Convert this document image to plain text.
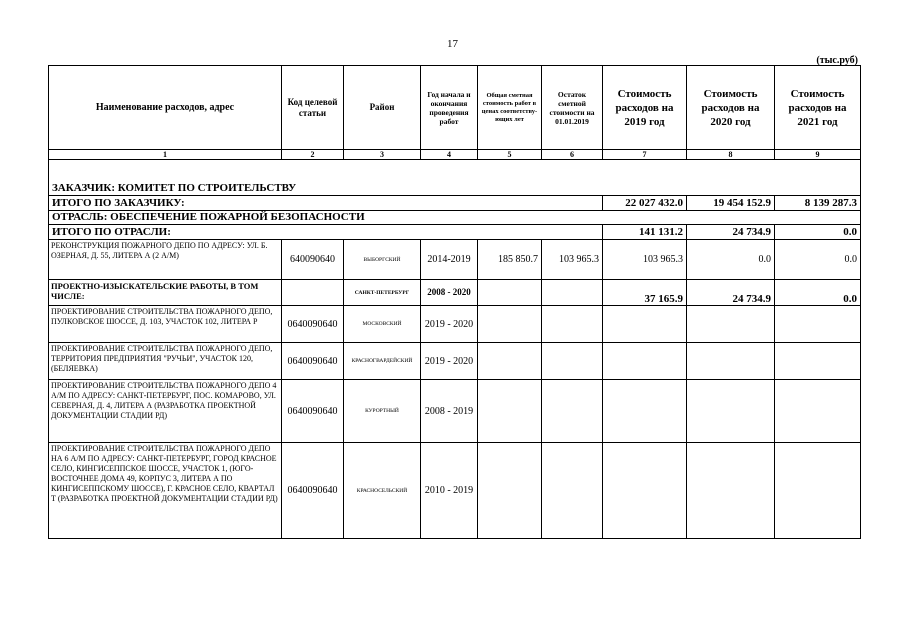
17
(тыс.руб)
Наименование расходов, адрес	Код целевой статьи	Район	Год начала и окончания проведения работ	Общая сметная стоимость работ в ценах соответству-ющих лет	Остаток сметной стоимости на 01.01.2019	Стоимость расходов на 2019 год	Стоимость расходов на 2020 год	Стоимость расходов на 2021 год
1	2	3	4	5	6	7	8	9
ЗАКАЗЧИК: КОМИТЕТ ПО СТРОИТЕЛЬСТВУ								
ИТОГО ПО ЗАКАЗЧИКУ:						22 027 432.0	19 454 152.9	8 139 287.3
ОТРАСЛЬ: ОБЕСПЕЧЕНИЕ ПОЖАРНОЙ БЕЗОПАСНОСТИ								
ИТОГО ПО ОТРАСЛИ:						141 131.2	24 734.9	0.0
РЕКОНСТРУКЦИЯ ПОЖАРНОГО ДЕПО ПО АДРЕСУ: УЛ. Б. ОЗЕРНАЯ, Д. 55, ЛИТЕРА А (2 А/М)	640090640	ВЫБОРГСКИЙ	2014-2019	185 850.7	103 965.3	103 965.3	0.0	0.0
ПРОЕКТНО-ИЗЫСКАТЕЛЬСКИЕ РАБОТЫ, В ТОМ ЧИСЛЕ:		САНКТ-ПЕТЕРБУРГ	2008 - 2020			37 165.9	24 734.9	0.0
ПРОЕКТИРОВАНИЕ СТРОИТЕЛЬСТВА ПОЖАРНОГО ДЕПО, ПУЛКОВСКОЕ ШОССЕ, Д. 103, УЧАСТОК 102, ЛИТЕРА Р	0640090640	МОСКОВСКИЙ	2019 - 2020					
ПРОЕКТИРОВАНИЕ СТРОИТЕЛЬСТВА ПОЖАРНОГО ДЕПО, ТЕРРИТОРИЯ ПРЕДПРИЯТИЯ "РУЧЬИ", УЧАСТОК 120, (БЕЛЯЕВКА)	0640090640	КРАСНОГВАРДЕЙСКИЙ	2019 - 2020					
ПРОЕКТИРОВАНИЕ СТРОИТЕЛЬСТВА ПОЖАРНОГО ДЕПО 4 А/М ПО АДРЕСУ: САНКТ-ПЕТЕРБУРГ, ПОС. КОМАРОВО, УЛ. СЕВЕРНАЯ, Д. 4, ЛИТЕРА А (РАЗРАБОТКА ПРОЕКТНОЙ ДОКУМЕНТАЦИИ СТАДИИ РД)	0640090640	КУРОРТНЫЙ	2008 - 2019					
ПРОЕКТИРОВАНИЕ СТРОИТЕЛЬСТВА ПОЖАРНОГО ДЕПО НА 6 А/М ПО АДРЕСУ: САНКТ-ПЕТЕРБУРГ, ГОРОД КРАСНОЕ СЕЛО, КИНГИСЕППСКОЕ ШОССЕ, УЧАСТОК 1, (ЮГО-ВОСТОЧНЕЕ ДОМА 49, КОРПУС 3, ЛИТЕРА А ПО КИНГИСЕППСКОМУ ШОССЕ), Г. КРАСНОЕ СЕЛО, КВАРТАЛ Т (РАЗРАБОТКА ПРОЕКТНОЙ ДОКУМЕНТАЦИИ СТАДИИ РД)	0640090640	КРАСНОСЕЛЬСКИЙ	2010 - 2019					
